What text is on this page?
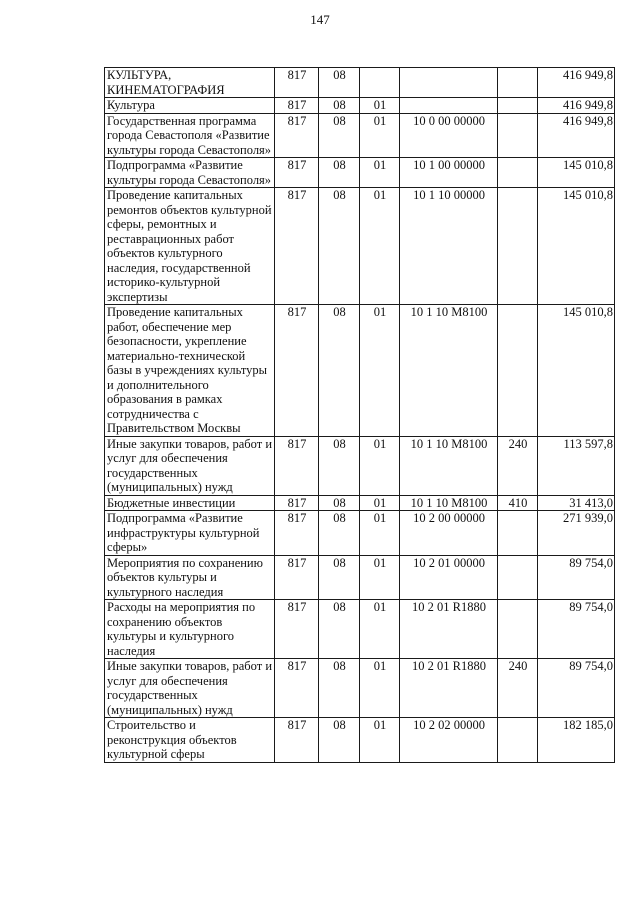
147
КУЛЬТУРА, КИНЕМАТОГРАФИЯ	817	08				416 949,8
Культура	817	08	01			416 949,8
Государственная программа города Севастополя «Развитие культуры города Севастополя»	817	08	01	10 0 00 00000		416 949,8
Подпрограмма «Развитие культуры города Севастополя»	817	08	01	10 1 00 00000		145 010,8
Проведение капитальных ремонтов объектов культурной сферы, ремонтных и реставрационных работ объектов культурного наследия, государственной историко-культурной экспертизы	817	08	01	10 1 10 00000		145 010,8
Проведение капитальных работ, обеспечение мер безопасности, укрепление материально-технической базы в учреждениях культуры и дополнительного образования в рамках сотрудничества с Правительством Москвы	817	08	01	10 1 10 М8100		145 010,8
Иные закупки товаров, работ и услуг для обеспечения государственных (муниципальных) нужд	817	08	01	10 1 10 М8100	240	113 597,8
Бюджетные инвестиции	817	08	01	10 1 10 М8100	410	31 413,0
Подпрограмма «Развитие инфраструктуры культурной сферы»	817	08	01	10 2 00 00000		271 939,0
Мероприятия по сохранению объектов культуры и культурного наследия	817	08	01	10 2 01 00000		89 754,0
Расходы на мероприятия по сохранению объектов культуры и культурного наследия	817	08	01	10 2 01 R1880		89 754,0
Иные закупки товаров, работ и услуг для обеспечения государственных (муниципальных) нужд	817	08	01	10 2 01 R1880	240	89 754,0
Строительство и реконструкция объектов культурной сферы	817	08	01	10 2 02 00000		182 185,0
